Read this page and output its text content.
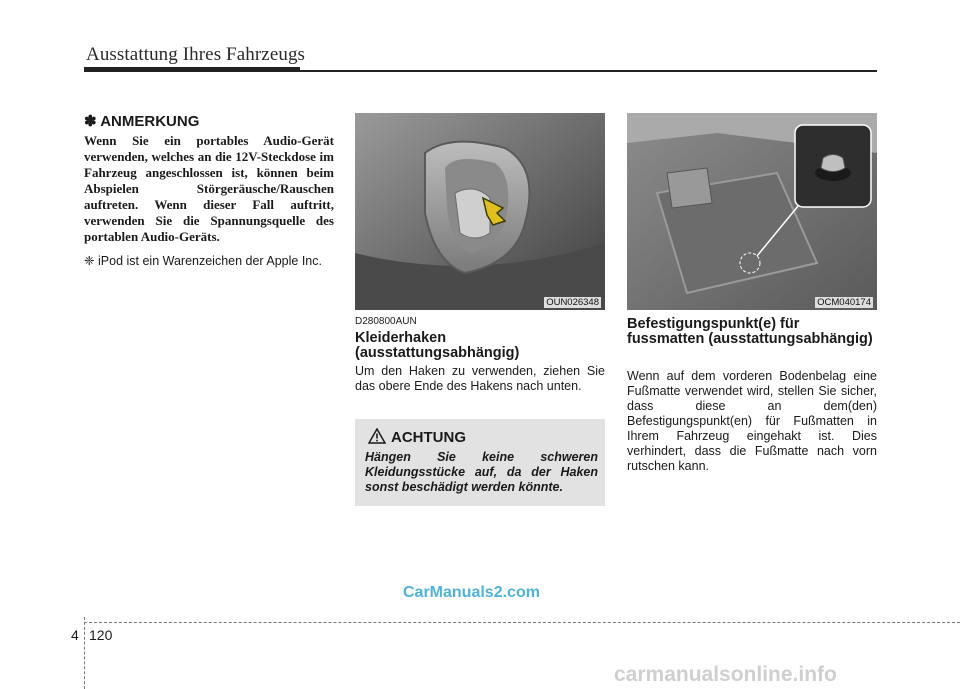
Ausstattung Ihres Fahrzeugs
✽ ANMERKUNG
Wenn Sie ein portables Audio-Gerät verwenden, welches an die 12V-Steckdose im Fahrzeug angeschlossen ist, können beim Abspielen Störgeräusche/Rauschen auftreten. Wenn dieser Fall auftritt, verwenden Sie die Spannungsquelle des portablen Audio-Geräts.
❈ iPod ist ein Warenzeichen der Apple Inc.
OUN026348	OCM040174
D280800AUN
Kleiderhaken (ausstattungsabhängig)
Um den Haken zu verwenden, ziehen Sie das obere Ende des Hakens nach unten.
ACHTUNG
Hängen Sie keine schweren Kleidungsstücke auf, da der Haken sonst beschädigt werden könnte.
Befestigungspunkt(e) für fussmatten (ausstattungsabhängig)
Wenn auf dem vorderen Bodenbelag eine Fußmatte verwendet wird, stellen Sie sicher, dass diese an dem(den) Befestigungspunkt(en) für Fußmatten in Ihrem Fahrzeug eingehakt ist. Dies verhindert, dass die Fußmatte nach vorn rutschen kann.
CarManuals2.com
4 120
carmanualsonline.info
